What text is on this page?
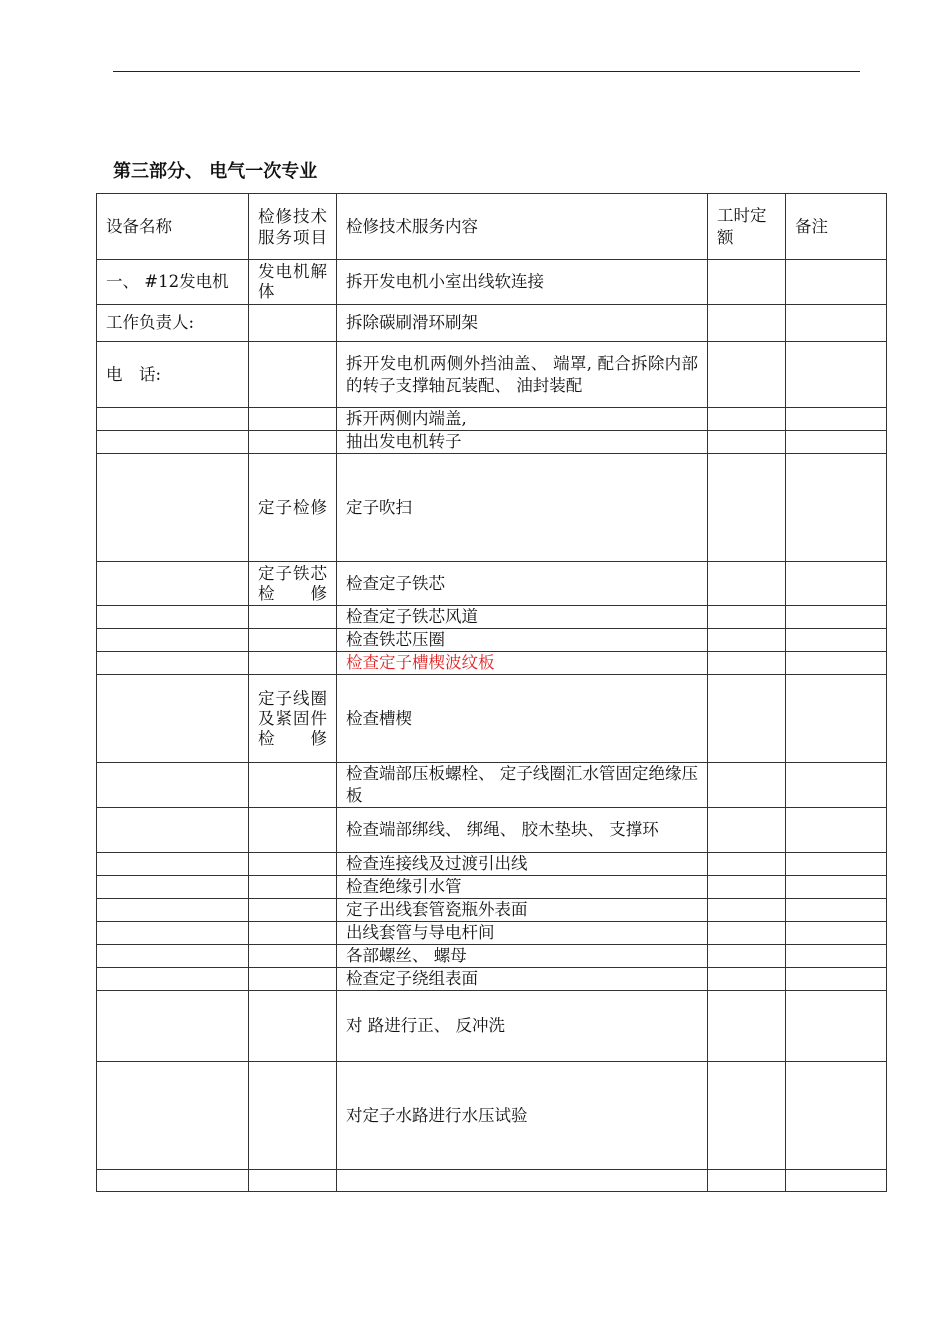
第三部分、 电气一次专业
设备名称	检修技术服务项目	检修技术服务内容	工时定额	备注
一、 #12发电机	发电机解体	拆开发电机小室出线软连接		
工作负责人:		拆除碳刷滑环刷架		
电　话:		拆开发电机两侧外挡油盖、 端罩, 配合拆除内部的转子支撑轴瓦装配、 油封装配		
		拆开两侧内端盖,		
		抽出发电机转子		
	定子检修	定子吹扫		
	定子铁芯检修	检查定子铁芯		
		检查定子铁芯风道		
		检查铁芯压圈		
		检查定子槽楔波纹板		
	定子线圈及紧固件检修	检查槽楔		
		检查端部压板螺栓、 定子线圈汇水管固定绝缘压板		
		检查端部绑线、 绑绳、 胶木垫块、 支撑环		
		检查连接线及过渡引出线		
		检查绝缘引水管		
		定子出线套管瓷瓶外表面		
		出线套管与导电杆间		
		各部螺丝、 螺母		
		检查定子绕组表面		
		对 路进行正、 反冲洗		
		对定子水路进行水压试验		
